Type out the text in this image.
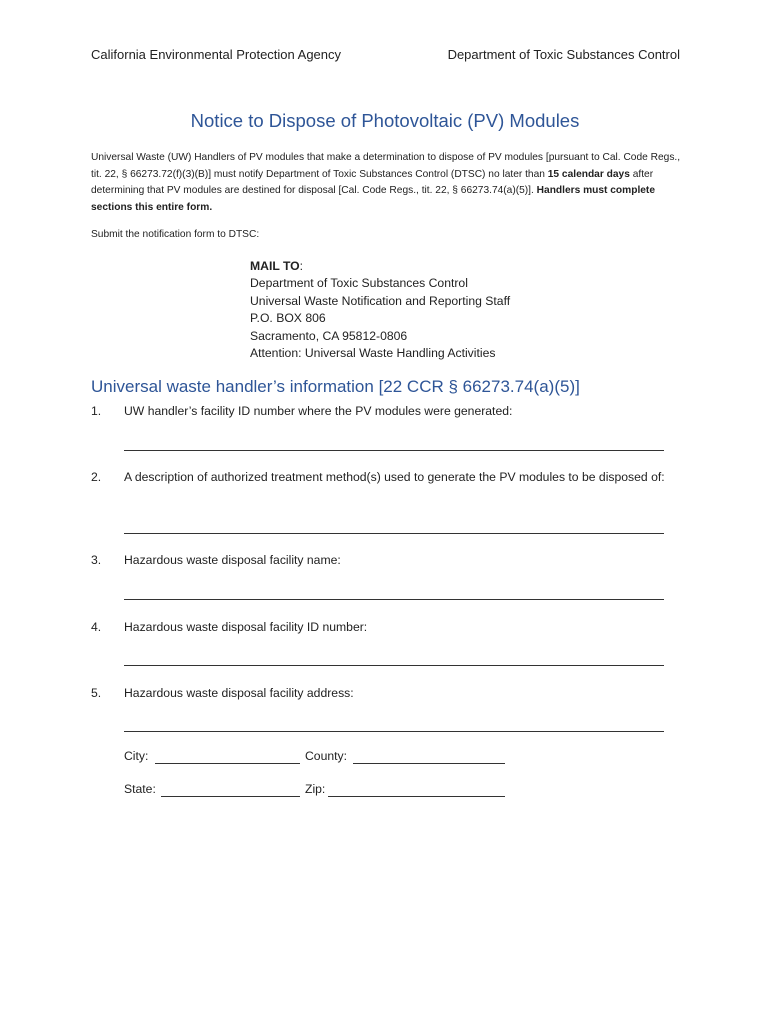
California Environmental Protection Agency	Department of Toxic Substances Control
Notice to Dispose of Photovoltaic (PV) Modules
Universal Waste (UW) Handlers of PV modules that make a determination to dispose of PV modules [pursuant to Cal. Code Regs., tit. 22, § 66273.72(f)(3)(B)] must notify Department of Toxic Substances Control (DTSC) no later than 15 calendar days after determining that PV modules are destined for disposal [Cal. Code Regs., tit. 22, § 66273.74(a)(5)]. Handlers must complete sections this entire form.
Submit the notification form to DTSC:
MAIL TO:
Department of Toxic Substances Control
Universal Waste Notification and Reporting Staff
P.O. BOX 806
Sacramento, CA 95812-0806
Attention: Universal Waste Handling Activities
Universal waste handler’s information [22 CCR § 66273.74(a)(5)]
1. UW handler’s facility ID number where the PV modules were generated:
2. A description of authorized treatment method(s) used to generate the PV modules to be disposed of:
3. Hazardous waste disposal facility name:
4. Hazardous waste disposal facility ID number:
5. Hazardous waste disposal facility address:
City:	County:
State:	Zip:
